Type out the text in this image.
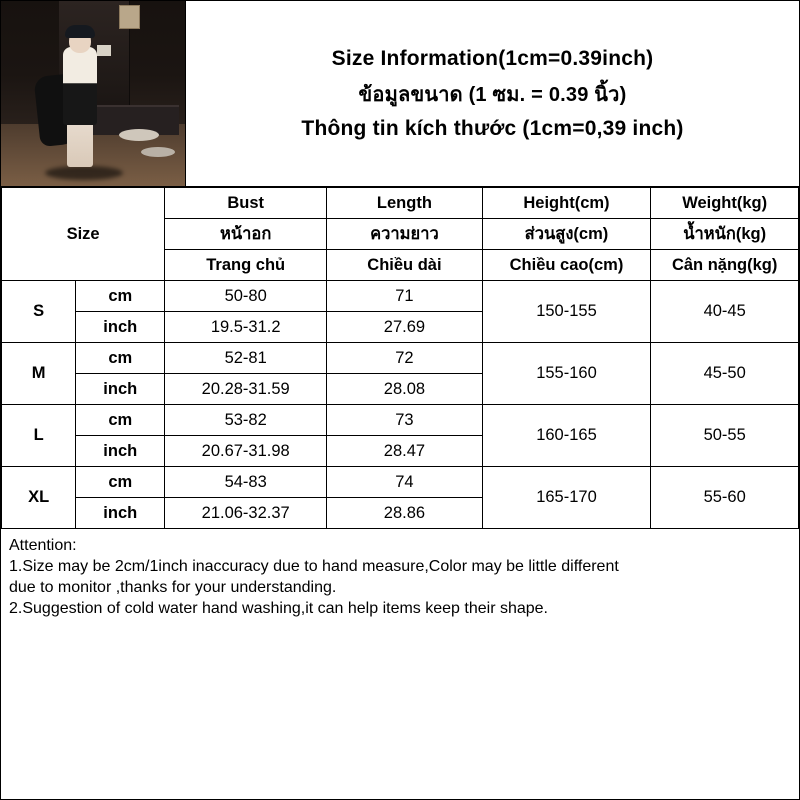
Size Information(1cm=0.39inch)
ข้อมูลขนาด (1 ซม. = 0.39 นิ้ว)
Thông tin kích thước (1cm=0,39 inch)
Size		Bust	Length	Height(cm)	Weight(kg)
		หน้าอก	ความยาว	ส่วนสูง(cm)	น้ำหนัก(kg)
		Trang chủ	Chiều dài	Chiều cao(cm)	Cân nặng(kg)
S	cm	50-80	71	150-155	40-45
	inch	19.5-31.2	27.69		
M	cm	52-81	72	155-160	45-50
	inch	20.28-31.59	28.08		
L	cm	53-82	73	160-165	50-55
	inch	20.67-31.98	28.47		
XL	cm	54-83	74	165-170	55-60
	inch	21.06-32.37	28.86		

Attention:

1.Size may be 2cm/1inch inaccuracy due to hand measure,Color may be little different

due to monitor ,thanks for your understanding.

2.Suggestion of cold water hand washing,it can help items keep their shape.
